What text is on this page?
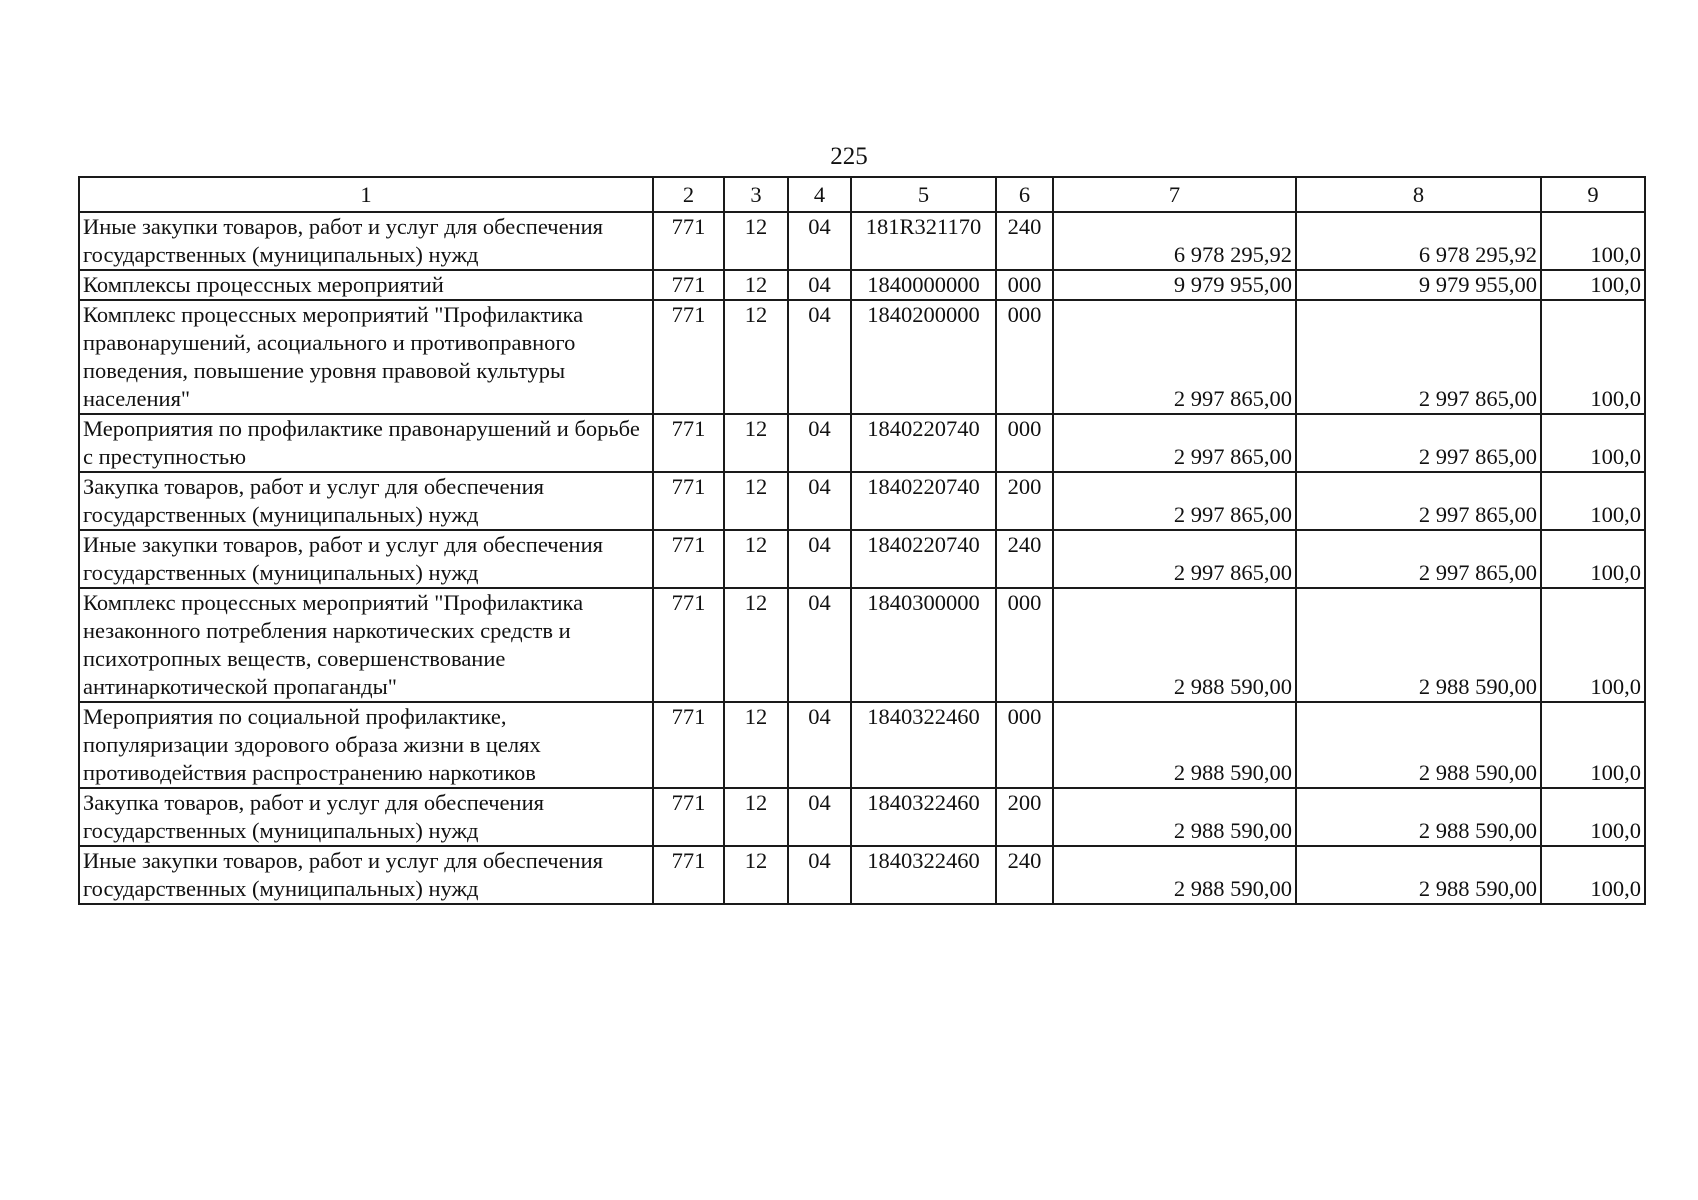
225
1	2	3	4	5	6	7	8	9
Иные закупки товаров, работ и услуг для обеспечения государственных (муниципальных) нужд	771	12	04	181R321170	240	6 978 295,92	6 978 295,92	100,0
Комплексы процессных мероприятий	771	12	04	1840000000	000	9 979 955,00	9 979 955,00	100,0
Комплекс процессных мероприятий "Профилактика правонарушений, асоциального и противоправного поведения, повышение уровня правовой культуры населения"	771	12	04	1840200000	000	2 997 865,00	2 997 865,00	100,0
Мероприятия по профилактике правонарушений и борьбе с преступностью	771	12	04	1840220740	000	2 997 865,00	2 997 865,00	100,0
Закупка товаров, работ и услуг для обеспечения государственных (муниципальных) нужд	771	12	04	1840220740	200	2 997 865,00	2 997 865,00	100,0
Иные закупки товаров, работ и услуг для обеспечения государственных (муниципальных) нужд	771	12	04	1840220740	240	2 997 865,00	2 997 865,00	100,0
Комплекс процессных мероприятий "Профилактика незаконного потребления наркотических средств и психотропных веществ, совершенствование антинаркотической пропаганды"	771	12	04	1840300000	000	2 988 590,00	2 988 590,00	100,0
Мероприятия по социальной профилактике, популяризации здорового образа жизни в целях противодействия распространению наркотиков	771	12	04	1840322460	000	2 988 590,00	2 988 590,00	100,0
Закупка товаров, работ и услуг для обеспечения государственных (муниципальных) нужд	771	12	04	1840322460	200	2 988 590,00	2 988 590,00	100,0
Иные закупки товаров, работ и услуг для обеспечения государственных (муниципальных) нужд	771	12	04	1840322460	240	2 988 590,00	2 988 590,00	100,0
